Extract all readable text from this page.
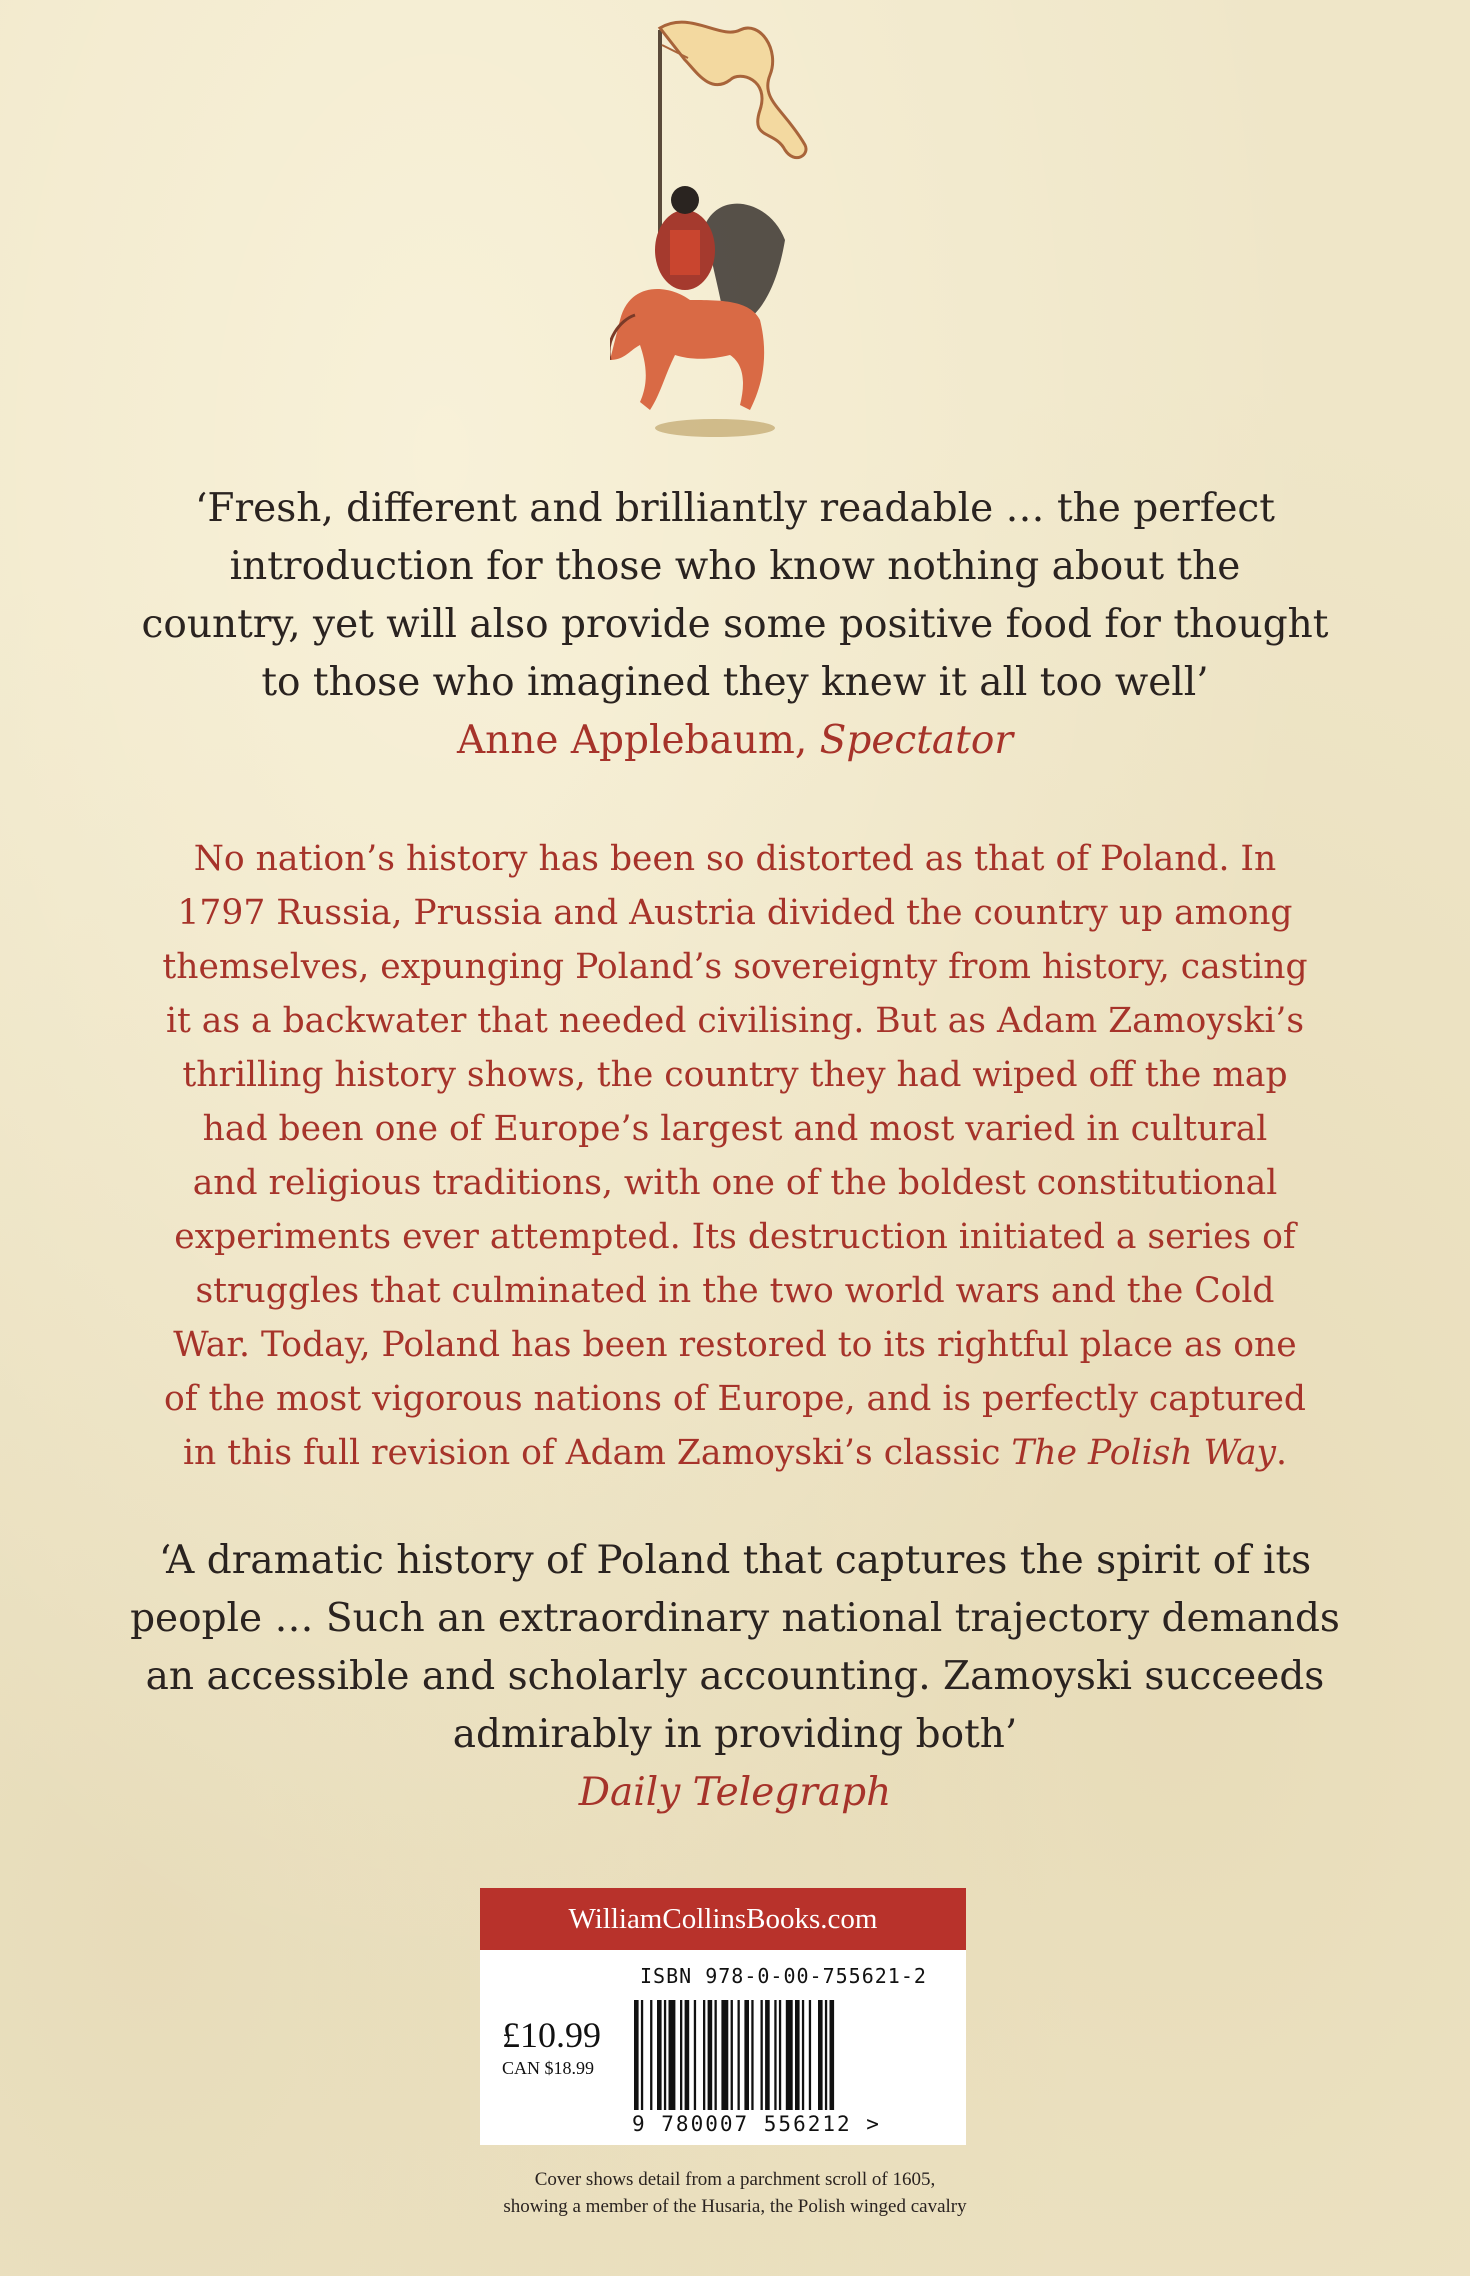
‘Fresh, different and brilliantly readable … the perfect
introduction for those who know nothing about the
country, yet will also provide some positive food for thought
to those who imagined they knew it all too well’
Anne Applebaum, Spectator
No nation’s history has been so distorted as that of Poland. In
1797 Russia, Prussia and Austria divided the country up among
themselves, expunging Poland’s sovereignty from history, casting
it as a backwater that needed civilising. But as Adam Zamoyski’s
thrilling history shows, the country they had wiped off the map
had been one of Europe’s largest and most varied in cultural
and religious traditions, with one of the boldest constitutional
experiments ever attempted. Its destruction initiated a series of
struggles that culminated in the two world wars and the Cold
War. Today, Poland has been restored to its rightful place as one
of the most vigorous nations of Europe, and is perfectly captured
in this full revision of Adam Zamoyski’s classic The Polish Way.
‘A dramatic history of Poland that captures the spirit of its
people … Such an extraordinary national trajectory demands
an accessible and scholarly accounting. Zamoyski succeeds
admirably in providing both’
Daily Telegraph
WilliamCollinsBooks.com
ISBN 978-0-00-755621-2
£10.99
CAN $18.99
9 780007 556212 >
Cover shows detail from a parchment scroll of 1605,
showing a member of the Husaria, the Polish winged cavalry
